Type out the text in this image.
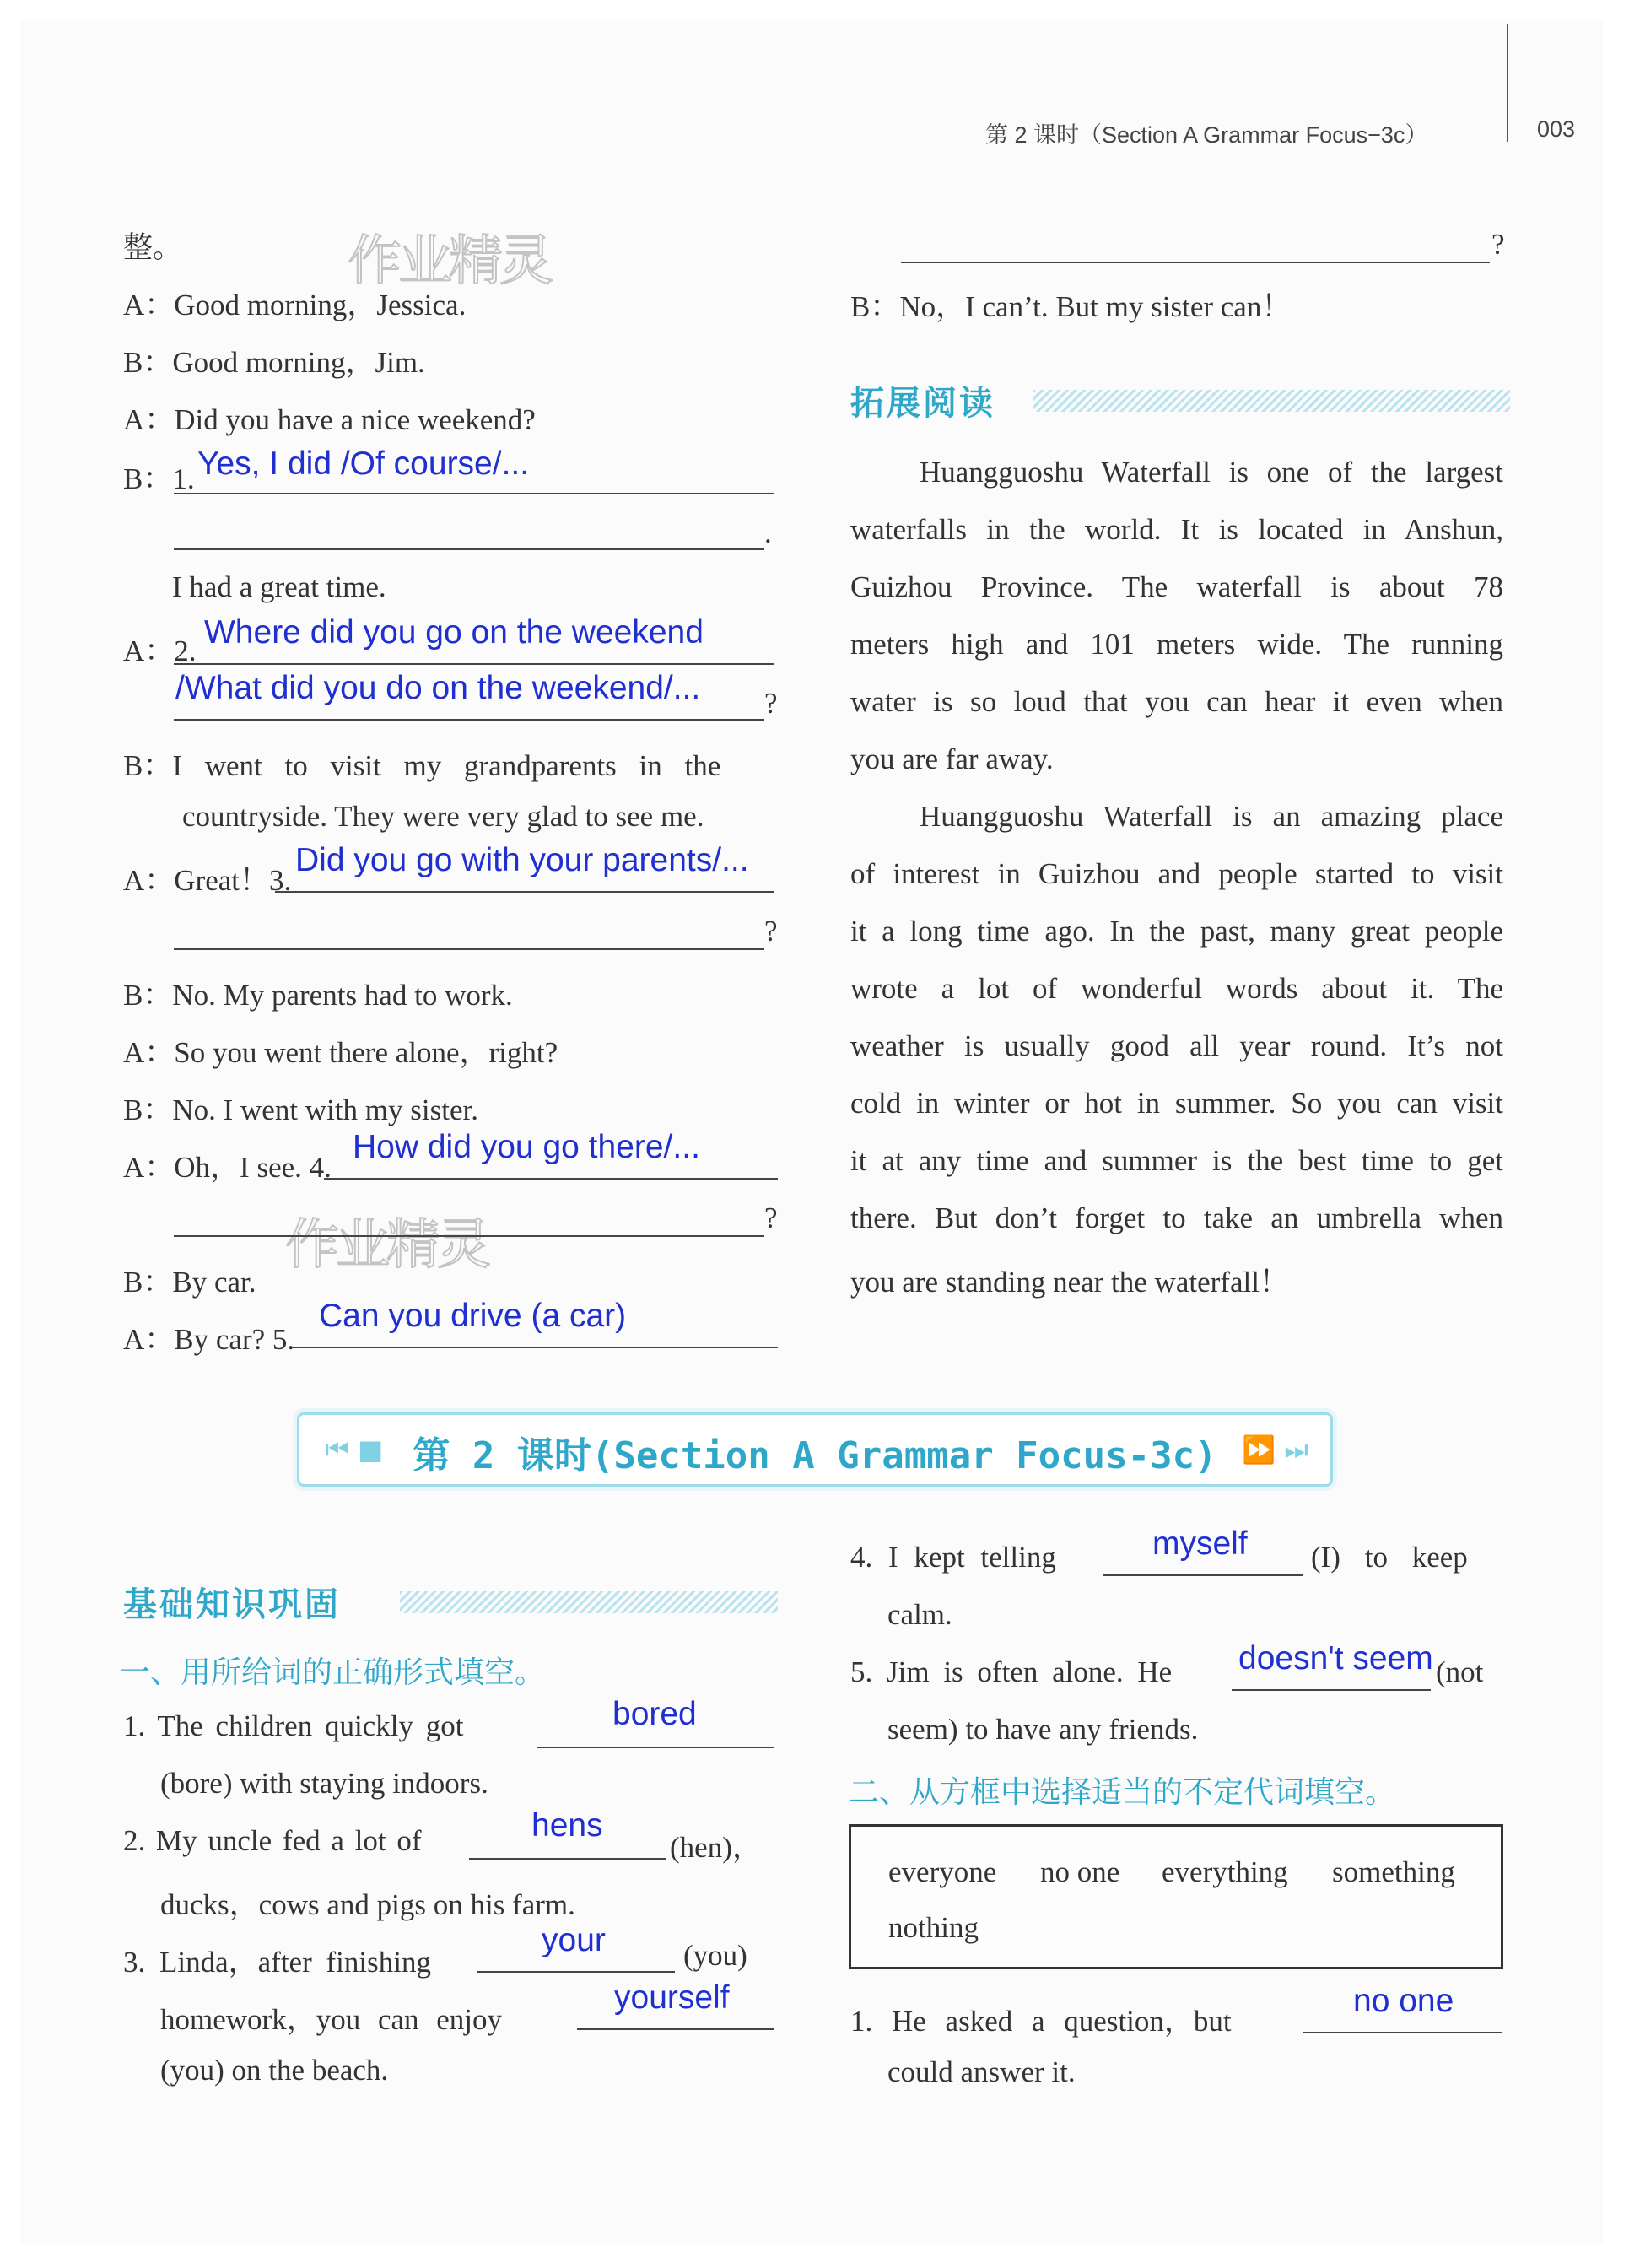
第 2 课时（Section A Grammar Focus−3c）	003
作业精灵
作业精灵
整。
A：Good morning，Jessica.
B：Good morning，Jim.
A：Did you have a nice weekend?
B：1. Yes, I did /Of course/...
.
I had a great time.
A：2.
Where did you go on the weekend
/What did you do on the weekend/... ?
B：I went to visit my grandparents in the
countryside. They were very glad to see me.
A：Great！3.
Did you go with your parents/...
?
B：No. My parents had to work.
A：So you went there alone，right?
B：No. I went with my sister.
A：Oh，I see. 4.
How did you go there/...
?
B：By car.
A：By car? 5.
Can you drive (a car)
?
B：No，I can’t. But my sister can！
拓展阅读
Huangguoshu Waterfall is one of the largest
waterfalls in the world. It is located in Anshun,
Guizhou Province. The waterfall is about 78
meters high and 101 meters wide. The running
water is so loud that you can hear it even when
you are far away.
Huangguoshu Waterfall is an amazing place
of interest in Guizhou and people started to visit
it a long time ago. In the past, many great people
wrote a lot of wonderful words about it. The
weather is usually good all year round. It’s not
cold in winter or hot in summer. So you can visit
it at any time and summer is the best time to get
there. But don’t forget to take an umbrella when
you are standing near the waterfall！
⏮ ■ 第 2 课时(Section A Grammar Focus-3c) ⏩ ⏭
基础知识巩固
一、用所给词的正确形式填空。
1. The children quickly got	bored
(bore) with staying indoors.
2. My uncle fed a lot of	hens
(hen)，
ducks，cows and pigs on his farm.
3. Linda，after finishing
your	(you)
homework，you can enjoy
yourself
(you) on the beach.
4. I kept telling	myself (I) to keep
calm.
5. Jim is often alone. He doesn't seem (not
seem) to have any friends.
二、从方框中选择适当的不定代词填空。
everyone no one everything something
nothing
1. He asked a question，but
no one
could answer it.
